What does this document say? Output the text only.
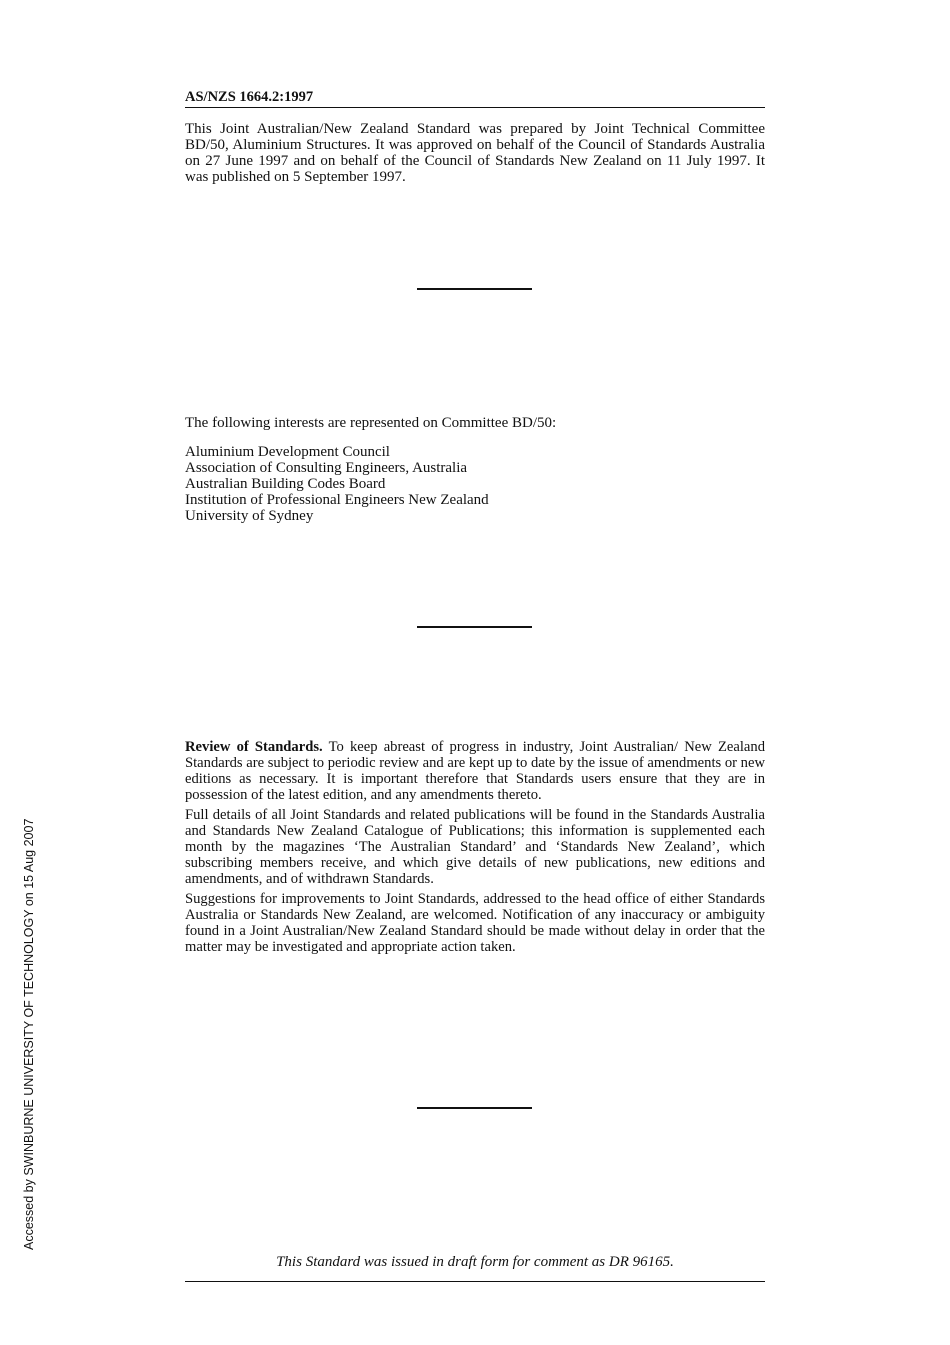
AS/NZS 1664.2:1997

This Joint Australian/New Zealand Standard was prepared by Joint Technical Committee BD/50, Aluminium Structures. It was approved on behalf of the Council of Standards Australia on 27 June 1997 and on behalf of the Council of Standards New Zealand on 11 July 1997. It was published on 5 September 1997.

The following interests are represented on Committee BD/50:

Aluminium Development Council
Association of Consulting Engineers, Australia
Australian Building Codes Board
Institution of Professional Engineers New Zealand
University of Sydney

Review of Standards. To keep abreast of progress in industry, Joint Australian/ New Zealand Standards are subject to periodic review and are kept up to date by the issue of amendments or new editions as necessary. It is important therefore that Standards users ensure that they are in possession of the latest edition, and any amendments thereto.

Full details of all Joint Standards and related publications will be found in the Standards Australia and Standards New Zealand Catalogue of Publications; this information is supplemented each month by the magazines ‘The Australian Standard’ and ‘Standards New Zealand’, which subscribing members receive, and which give details of new publications, new editions and amendments, and of withdrawn Standards.

Suggestions for improvements to Joint Standards, addressed to the head office of either Standards Australia or Standards New Zealand, are welcomed. Notification of any inaccuracy or ambiguity found in a Joint Australian/New Zealand Standard should be made without delay in order that the matter may be investigated and appropriate action taken.

This Standard was issued in draft form for comment as DR 96165.
Accessed by SWINBURNE UNIVERSITY OF TECHNOLOGY on 15 Aug 2007
